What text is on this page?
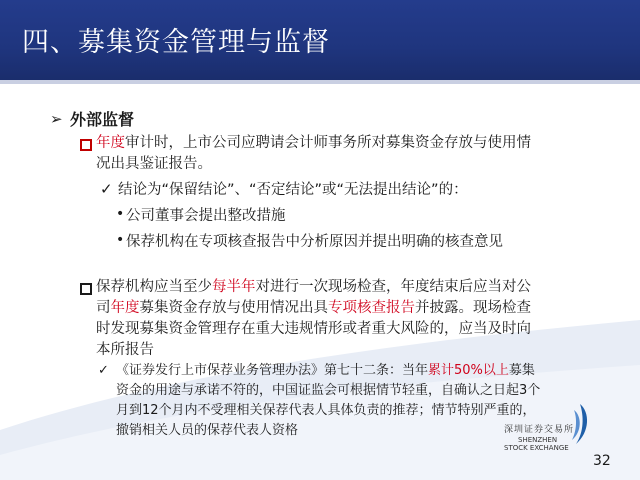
四、募集资金管理与监督
➢ 外部监督
年度审计时，上市公司应聘请会计师事务所对募集资金存放与使用情
况出具鉴证报告。
✓ 结论为“保留结论”、“否定结论”或“无法提出结论”的：
• 公司董事会提出整改措施
• 保荐机构在专项核查报告中分析原因并提出明确的核查意见
保荐机构应当至少每半年对进行一次现场检查，年度结束后应当对公
司年度募集资金存放与使用情况出具专项核查报告并披露。现场检查
时发现募集资金管理存在重大违规情形或者重大风险的，应当及时向
本所报告
✓ 《证券发行上市保荐业务管理办法》第七十二条：当年累计50%以上募集
资金的用途与承诺不符的，中国证监会可根据情节轻重，自确认之日起3个
月到12个月内不受理相关保荐代表人具体负责的推荐；情节特别严重的，
撤销相关人员的保荐代表人资格	深圳证券交易所
SHENZHEN
STOCK EXCHANGE
32
